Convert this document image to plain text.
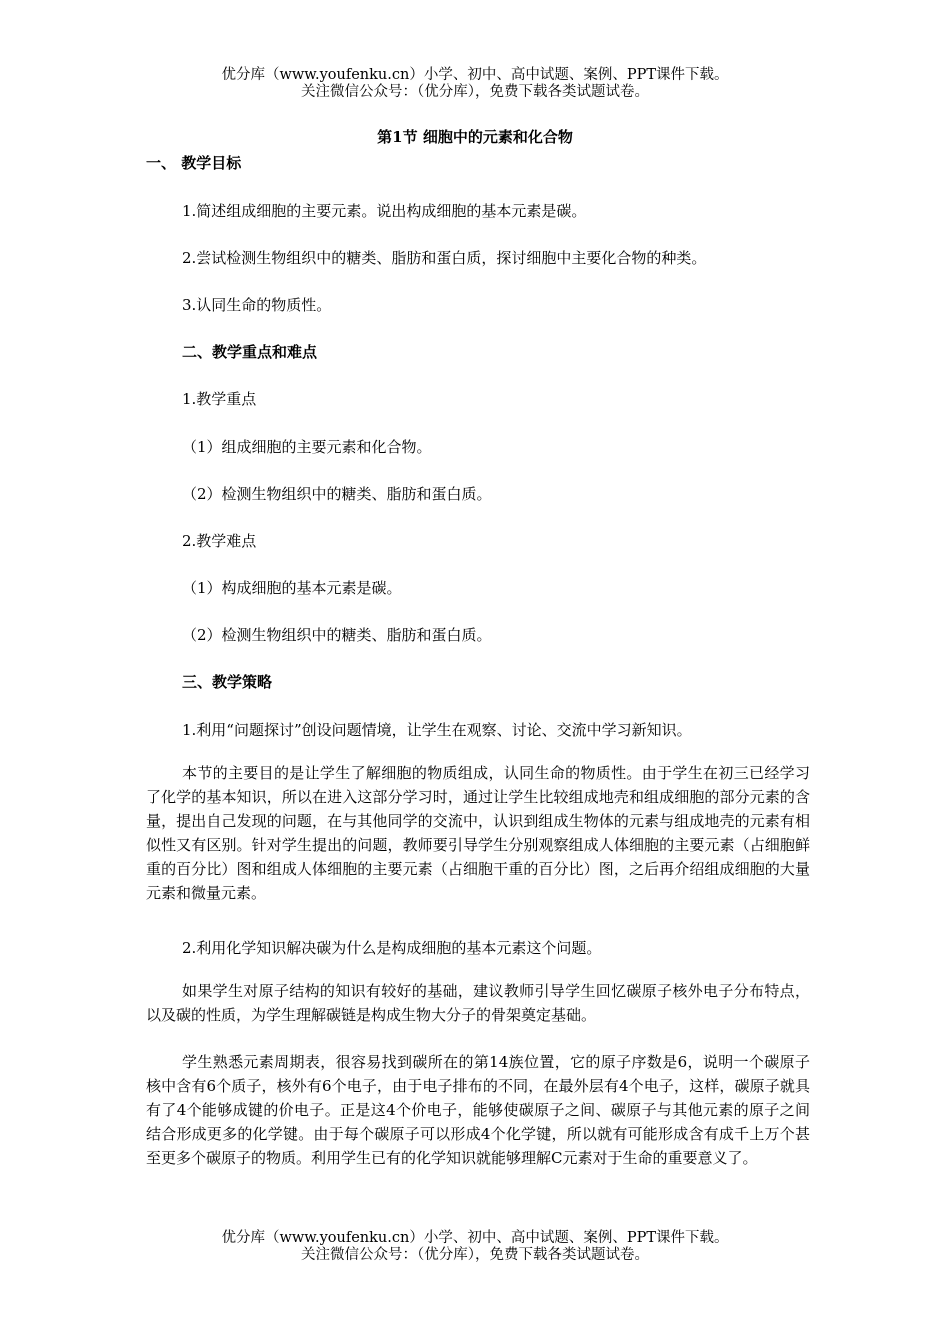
优分库（www.youfenku.cn）小学、初中、高中试题、案例、PPT课件下载。
关注微信公众号：（优分库），免费下载各类试题试卷。
第1节 细胞中的元素和化合物
一、 教学目标
1.简述组成细胞的主要元素。说出构成细胞的基本元素是碳。
2.尝试检测生物组织中的糖类、脂肪和蛋白质，探讨细胞中主要化合物的种类。
3.认同生命的物质性。
二、教学重点和难点
1.教学重点
（1）组成细胞的主要元素和化合物。
（2）检测生物组织中的糖类、脂肪和蛋白质。
2.教学难点
（1）构成细胞的基本元素是碳。
（2）检测生物组织中的糖类、脂肪和蛋白质。
三、教学策略
1.利用“问题探讨”创设问题情境，让学生在观察、讨论、交流中学习新知识。
本节的主要目的是让学生了解细胞的物质组成，认同生命的物质性。由于学生在初三已经学习了化学的基本知识，所以在进入这部分学习时，通过让学生比较组成地壳和组成细胞的部分元素的含量，提出自己发现的问题，在与其他同学的交流中，认识到组成生物体的元素与组成地壳的元素有相似性又有区别。针对学生提出的问题，教师要引导学生分别观察组成人体细胞的主要元素（占细胞鲜重的百分比）图和组成人体细胞的主要元素（占细胞干重的百分比）图，之后再介绍组成细胞的大量元素和微量元素。
2.利用化学知识解决碳为什么是构成细胞的基本元素这个问题。
如果学生对原子结构的知识有较好的基础，建议教师引导学生回忆碳原子核外电子分布特点，以及碳的性质，为学生理解碳链是构成生物大分子的骨架奠定基础。
学生熟悉元素周期表，很容易找到碳所在的第14族位置，它的原子序数是6，说明一个碳原子核中含有6个质子，核外有6个电子，由于电子排布的不同，在最外层有4个电子，这样，碳原子就具有了4个能够成键的价电子。正是这4个价电子，能够使碳原子之间、碳原子与其他元素的原子之间结合形成更多的化学键。由于每个碳原子可以形成4个化学键，所以就有可能形成含有成千上万个甚至更多个碳原子的物质。利用学生已有的化学知识就能够理解C元素对于生命的重要意义了。
优分库（www.youfenku.cn）小学、初中、高中试题、案例、PPT课件下载。
关注微信公众号：（优分库），免费下载各类试题试卷。
